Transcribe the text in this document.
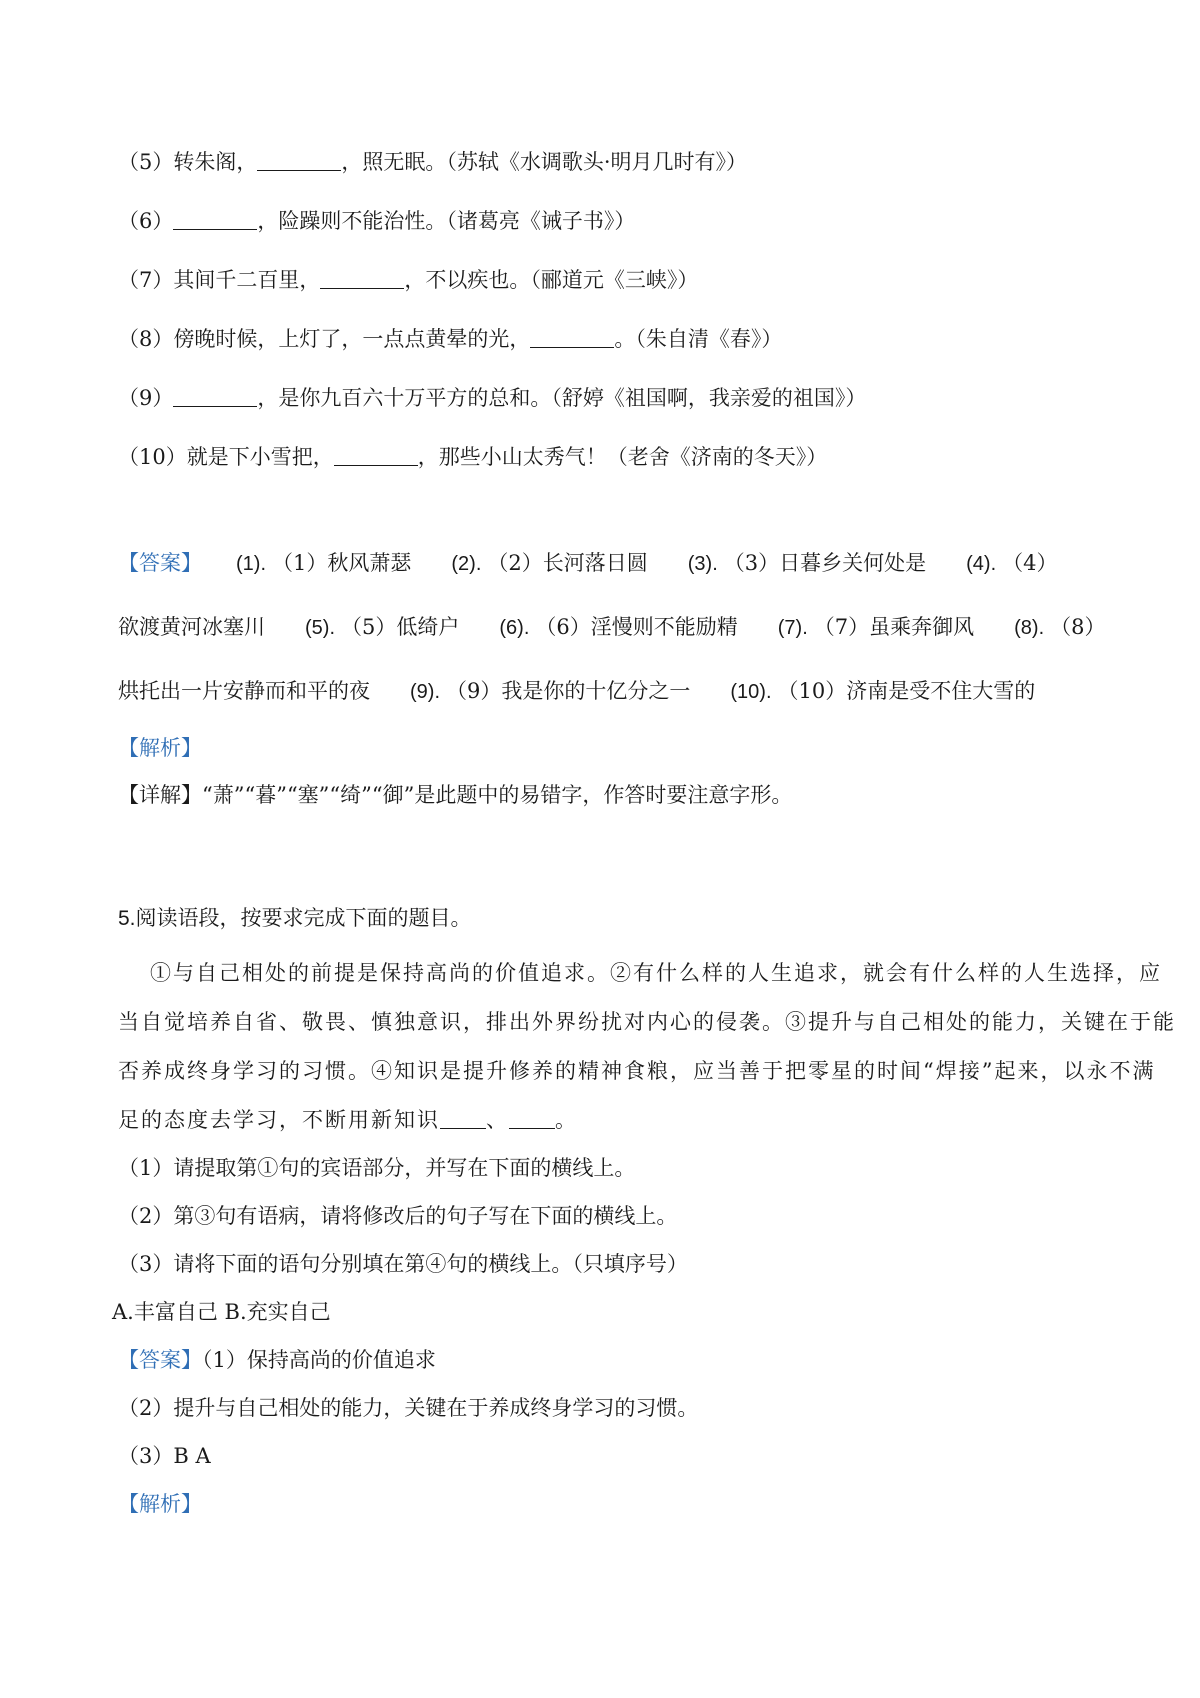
（5）转朱阁，	，照无眠。（苏轼《水调歌头·明月几时有》）
（6）	，险躁则不能治性。（诸葛亮《诫子书》）
（7）其间千二百里，	，不以疾也。（郦道元《三峡》）
（8）傍晚时候，上灯了，一点点黄晕的光，	。（朱自清《春》）
（9）	，是你九百六十万平方的总和。（舒婷《祖国啊，我亲爱的祖国》）
（10）就是下小雪把，	，那些小山太秀气！（老舍《济南的冬天》）
【答案】 (1). （1）秋风萧瑟 (2). （2）长河落日圆 (3). （3）日暮乡关何处是 (4). （4）
欲渡黄河冰塞川 (5). （5）低绮户 (6). （6）淫慢则不能励精 (7). （7）虽乘奔御风 (8). （8）
烘托出一片安静而和平的夜 (9). （9）我是你的十亿分之一 (10). （10）济南是受不住大雪的
【解析】
【详解】“萧”“暮”“塞”“绮”“御”是此题中的易错字，作答时要注意字形。
5.阅读语段，按要求完成下面的题目。
①与自己相处的前提是保持高尚的价值追求。②有什么样的人生追求，就会有什么样的人生选择，应
当自觉培养自省、敬畏、慎独意识，排出外界纷扰对内心的侵袭。③提升与自己相处的能力，关键在于能
否养成终身学习的习惯。④知识是提升修养的精神食粮，应当善于把零星的时间“焊接”起来，以永不满
足的态度去学习，不断用新知识 、 。
（1）请提取第①句的宾语部分，并写在下面的横线上。
（2）第③句有语病，请将修改后的句子写在下面的横线上。
（3）请将下面的语句分别填在第④句的横线上。（只填序号）
A.丰富自己 B.充实自己
【答案】（1）保持高尚的价值追求
（2）提升与自己相处的能力，关键在于养成终身学习的习惯。
（3）B A
【解析】
